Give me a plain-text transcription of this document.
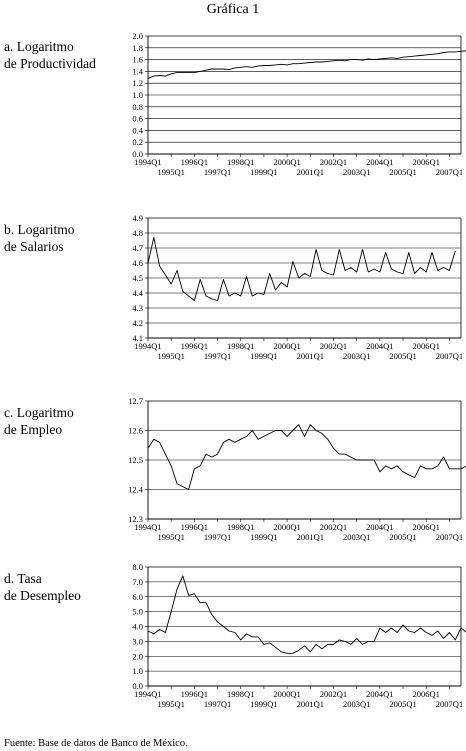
Gráfica 1
a. Logaritmo
de Productividad
b. Logaritmo
de Salarios
c. Logaritmo
de Empleo
d. Tasa
de Desempleo
0.0
0.2
0.4
0.6
0.8
1.0
1.2
1.4
1.6
1.8
2.0
1994Q1 1996Q1 1998Q1 2000Q1 2002Q1 2004Q1 2006Q1
1995Q1 1997Q1 1999Q1 2001Q1 2003Q1 2005Q1 2007Q1
4.1
4.2
4.3
4.4
4.5
4.6
4.7
4.8
4.9
1994Q1 1996Q1 1998Q1 2000Q1 2002Q1 2004Q1 2006Q1
1995Q1 1997Q1 1999Q1 2001Q1 2003Q1 2005Q1 2007Q1
12.3
12.4
12.5
12.6
12.7
1994Q1 1996Q1 1998Q1 2000Q1 2002Q1 2004Q1 2006Q1
1995Q1 1997Q1 1999Q1 2001Q1 2003Q1 2005Q1 2007Q1
0.0
1.0
2.0
3.0
4.0
5.0
6.0
7.0
8.0
1994Q1 1996Q1 1998Q1 2000Q1 2002Q1 2004Q1 2006Q1
1995Q1 1997Q1 1999Q1 2001Q1 2003Q1 2005Q1 2007Q1
Fuente: Base de datos de Banco de México.
